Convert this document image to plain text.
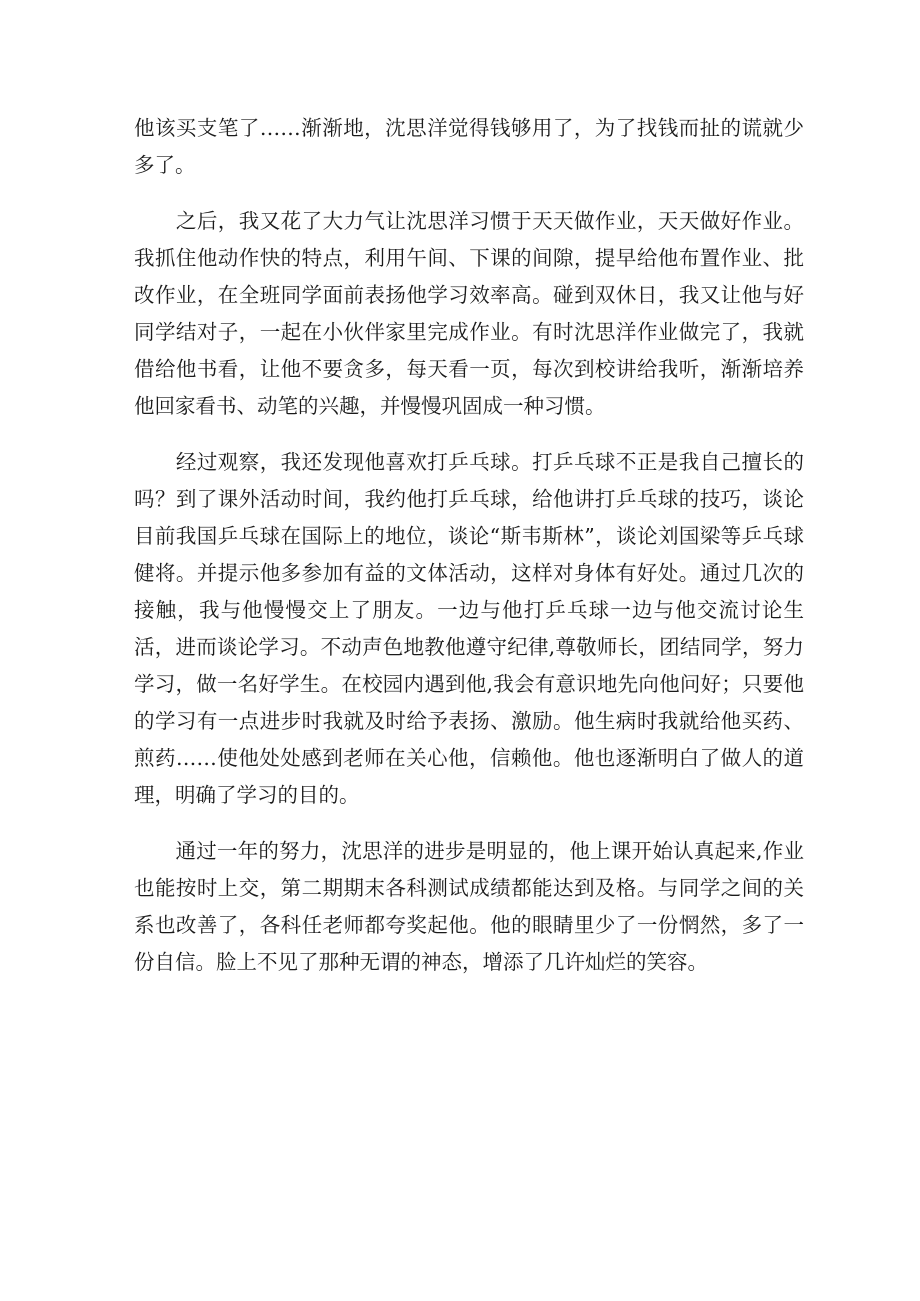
他该买支笔了……渐渐地，沈思洋觉得钱够用了，为了找钱而扯的谎就少多了。

　　之后，我又花了大力气让沈思洋习惯于天天做作业，天天做好作业。我抓住他动作快的特点，利用午间、下课的间隙，提早给他布置作业、批改作业，在全班同学面前表扬他学习效率高。碰到双休日，我又让他与好同学结对子，一起在小伙伴家里完成作业。有时沈思洋作业做完了，我就借给他书看，让他不要贪多，每天看一页，每次到校讲给我听，渐渐培养他回家看书、动笔的兴趣，并慢慢巩固成一种习惯。

　　经过观察，我还发现他喜欢打乒乓球。打乒乓球不正是我自己擅长的吗？到了课外活动时间，我约他打乒乓球，给他讲打乒乓球的技巧，谈论目前我国乒乓球在国际上的地位，谈论“斯韦斯林”，谈论刘国梁等乒乓球健将。并提示他多参加有益的文体活动，这样对身体有好处。通过几次的接触，我与他慢慢交上了朋友。一边与他打乒乓球一边与他交流讨论生活，进而谈论学习。不动声色地教他遵守纪律,尊敬师长，团结同学，努力学习，做一名好学生。在校园内遇到他,我会有意识地先向他问好；只要他的学习有一点进步时我就及时给予表扬、激励。他生病时我就给他买药、煎药……使他处处感到老师在关心他，信赖他。他也逐渐明白了做人的道理，明确了学习的目的。

　　通过一年的努力，沈思洋的进步是明显的，他上课开始认真起来,作业也能按时上交，第二期期末各科测试成绩都能达到及格。与同学之间的关系也改善了，各科任老师都夸奖起他。他的眼睛里少了一份惘然，多了一份自信。脸上不见了那种无谓的神态，增添了几许灿烂的笑容。
